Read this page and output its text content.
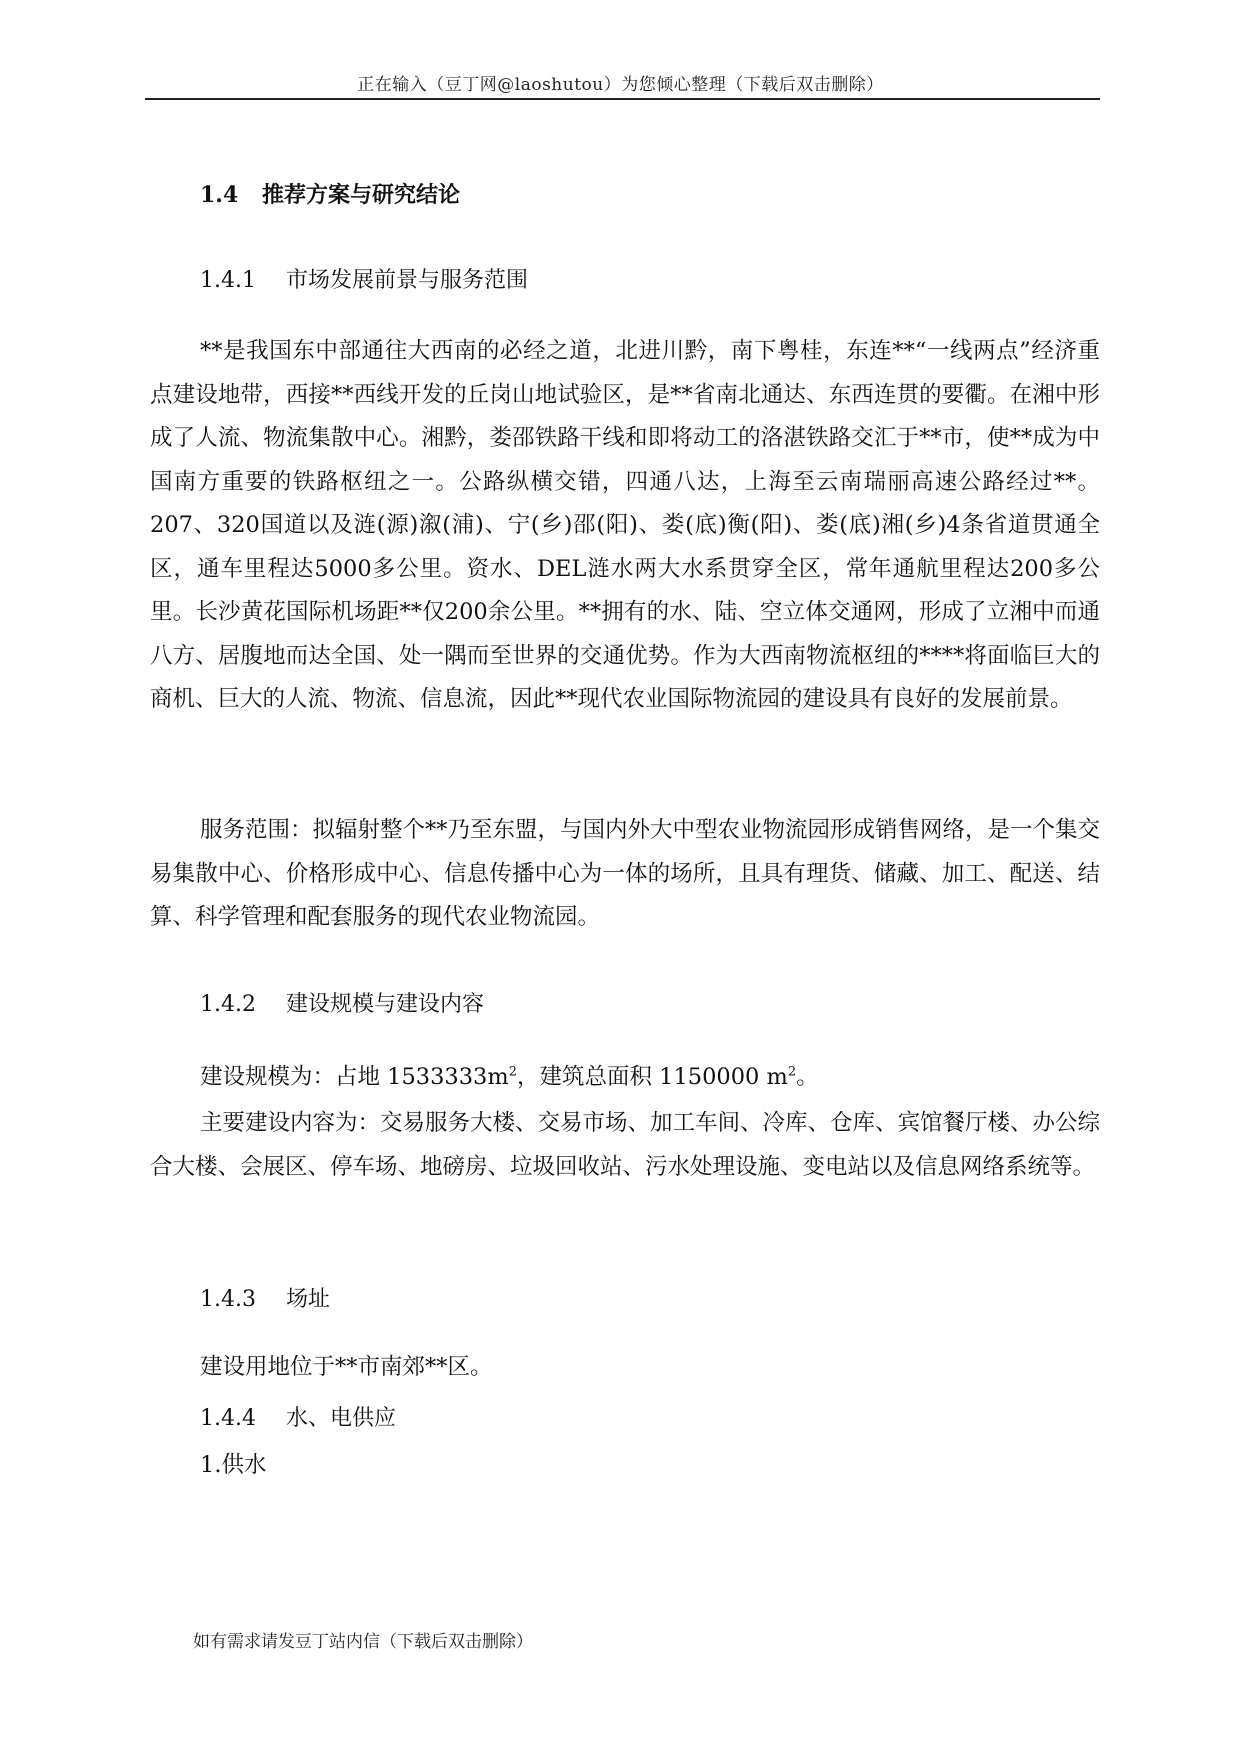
正在输入（豆丁网@laoshutou）为您倾心整理（下载后双击删除）
1.4 推荐方案与研究结论
1.4.1 市场发展前景与服务范围

**是我国东中部通往大西南的必经之道，北进川黔，南下粤桂，东连**“一线两点”经济重点建设地带，西接**西线开发的丘岗山地试验区，是**省南北通达、东西连贯的要衢。在湘中形成了人流、物流集散中心。湘黔，娄邵铁路干线和即将动工的洛湛铁路交汇于**市，使**成为中国南方重要的铁路枢纽之一。公路纵横交错，四通八达，上海至云南瑞丽高速公路经过**。207、320国道以及涟(源)溆(浦)、宁(乡)邵(阳)、娄(底)衡(阳)、娄(底)湘(乡)4条省道贯通全区，通车里程达5000多公里。资水、DEL涟水两大水系贯穿全区，常年通航里程达200多公里。长沙黄花国际机场距**仅200余公里。**拥有的水、陆、空立体交通网，形成了立湘中而通八方、居腹地而达全国、处一隅而至世界的交通优势。作为大西南物流枢纽的****将面临巨大的商机、巨大的人流、物流、信息流，因此**现代农业国际物流园的建设具有良好的发展前景。

服务范围：拟辐射整个**乃至东盟，与国内外大中型农业物流园形成销售网络，是一个集交易集散中心、价格形成中心、信息传播中心为一体的场所，且具有理货、储藏、加工、配送、结算、科学管理和配套服务的现代农业物流园。

1.4.2 建设规模与建设内容

建设规模为：占地 $1533333m^2$，建筑总面积 1150000 $m^2$。

主要建设内容为：交易服务大楼、交易市场、加工车间、冷库、仓库、宾馆餐厅楼、办公综合大楼、会展区、停车场、地磅房、垃圾回收站、污水处理设施、变电站以及信息网络系统等。

1.4.3 场址

建设用地位于**市南郊**区。

1.4.4 水、电供应

1.供水

如有需求请发豆丁站内信（下载后双击删除）
